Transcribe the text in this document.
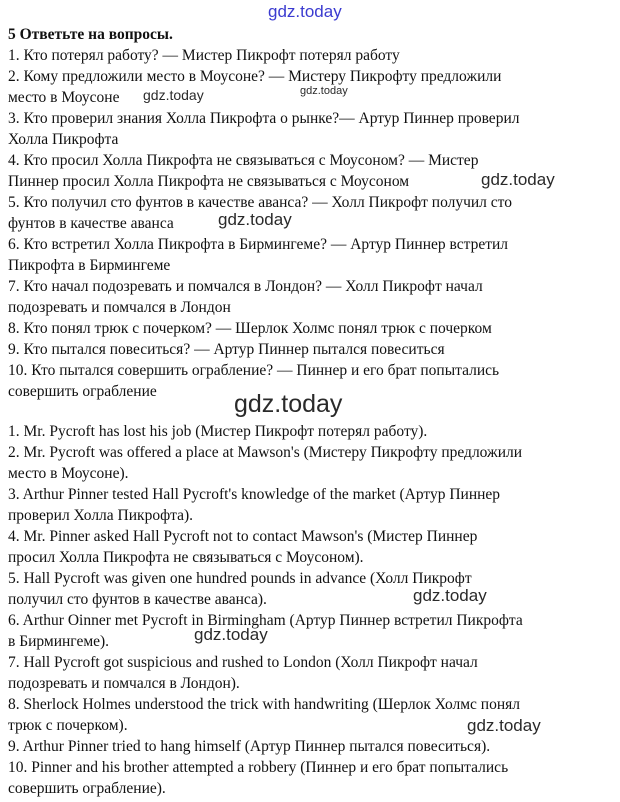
gdz.today
5 Ответьте на вопросы.
1. Кто потерял работу? — Мистер Пикрофт потерял работу
2. Кому предложили место в Моусоне? — Мистеру Пикрофту предложили
место в Моусоне
3. Кто проверил знания Холла Пикрофта о рынке?— Артур Пиннер проверил
Холла Пикрофта
4. Кто просил Холла Пикрофта не связываться с Моусоном? — Мистер
Пиннер просил Холла Пикрофта не связываться с Моусоном
5. Кто получил сто фунтов в качестве аванса? — Холл Пикрофт получил сто
фунтов в качестве аванса
6. Кто встретил Холла Пикрофта в Бирмингеме? — Артур Пиннер встретил
Пикрофта в Бирмингеме
7. Кто начал подозревать и помчался в Лондон? — Холл Пикрофт начал
подозревать и помчался в Лондон
8. Кто понял трюк с почерком? — Шерлок Холмс понял трюк с почерком
9. Кто пытался повеситься? — Артур Пиннер пытался повеситься
10. Кто пытался совершить ограбление? — Пиннер и его брат попытались
совершить ограбление
1. Mr. Pycroft has lost his job (Мистер Пикрофт потерял работу).
2. Mr. Pycroft was offered a place at Mawson's (Мистеру Пикрофту предложили
место в Моусоне).
3. Arthur Pinner tested Hall Pycroft's knowledge of the market (Артур Пиннер
проверил Холла Пикрофта).
4. Mr. Pinner asked Hall Pycroft not to contact Mawson's (Мистер Пиннер
просил Холла Пикрофта не связываться с Моусоном).
5. Hall Pycroft was given one hundred pounds in advance (Холл Пикрофт
получил сто фунтов в качестве аванса).
6. Arthur Oinner met Pycroft in Birmingham (Артур Пиннер встретил Пикрофта
в Бирмингеме).
7. Hall Pycroft got suspicious and rushed to London (Холл Пикрофт начал
подозревать и помчался в Лондон).
8. Sherlock Holmes understood the trick with handwriting (Шерлок Холмс понял
трюк с почерком).
9. Arthur Pinner tried to hang himself (Артур Пиннер пытался повеситься).
10. Pinner and his brother attempted a robbery (Пиннер и его брат попытались
совершить ограбление).
gdz.today	gdz.today
gdz.today
gdz.today
gdz.today
gdz.today
gdz.today
gdz.today
